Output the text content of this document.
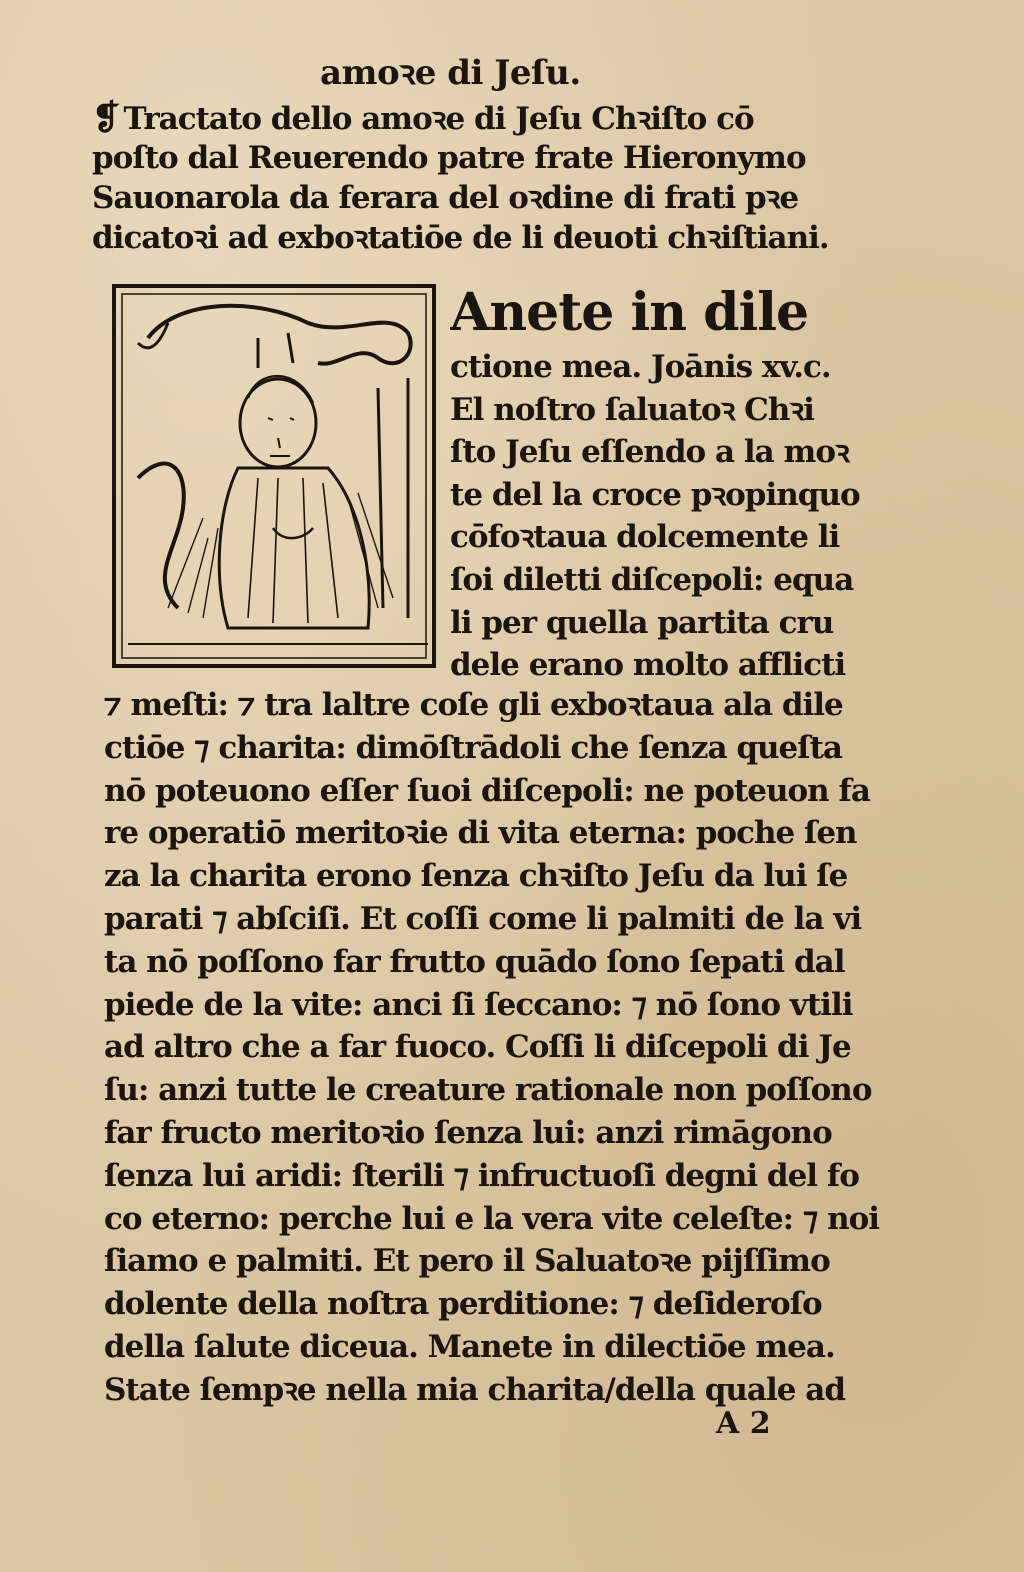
amoꝛe di Jeſu.
❡ Tractato dello amoꝛe di Jeſu Chꝛiſto cō
poſto dal Reuerendo patre frate Hieronymo
Sauonarola da ferara del oꝛdine di frati pꝛe
dicatoꝛi ad exboꝛtatiōe de li deuoti chꝛiſtiani.
Anete in dile
ctione mea. Joānis xv.c.
El noſtro ſaluatoꝛ Chꝛi
ſto Jeſu eſſendo a la moꝛ
te del la croce pꝛopinquo
cōfoꝛtaua dolcemente li
ſoi diletti diſcepoli: equa
li per quella partita cru
dele erano molto afflicti
⁊ meſti: ⁊ tra laltre coſe gli exboꝛtaua ala dile
ctiōe ⁊ charita: dimōſtrādoli che ſenza queſta
nō poteuono eſſer ſuoi diſcepoli: ne poteuon fa
re operatiō meritoꝛie di vita eterna: poche ſen
za la charita erono ſenza chꝛiſto Jeſu da lui ſe
parati ⁊ abſciſi. Et coſſi come li palmiti de la vi
ta nō poſſono far frutto quādo ſono ſepati dal
piede de la vite: anci ſi ſeccano: ⁊ nō ſono vtili
ad altro che a far fuoco. Coſſi li diſcepoli di Je
ſu: anzi tutte le creature rationale non poſſono
far fructo meritoꝛio ſenza lui: anzi rimāgono
ſenza lui aridi: ſterili ⁊ infructuoſi degni del fo
co eterno: perche lui e la vera vite celeſte: ⁊ noi
ſiamo e palmiti. Et pero il Saluatoꝛe pijſſimo
dolente della noſtra perditione: ⁊ deſideroſo
della ſalute diceua. Manete in dilectiōe mea.
State ſempꝛe nella mia charita/della quale ad
A 2
